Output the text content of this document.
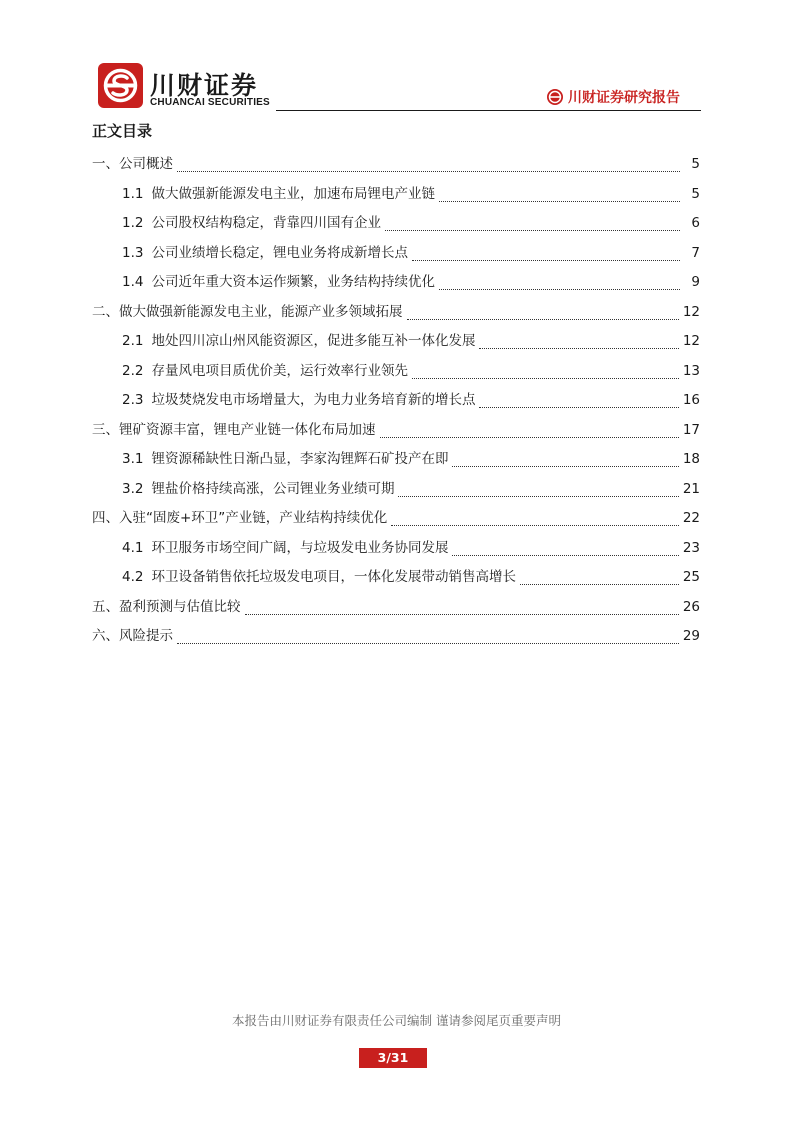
川财证券
CHUANCAI SECURITIES	川财证券研究报告
正文目录
一、公司概述	5
1.1 做大做强新能源发电主业，加速布局锂电产业链	5
1.2 公司股权结构稳定，背靠四川国有企业	6
1.3 公司业绩增长稳定，锂电业务将成新增长点	7
1.4 公司近年重大资本运作频繁，业务结构持续优化	9
二、做大做强新能源发电主业，能源产业多领域拓展	12
2.1 地处四川凉山州风能资源区，促进多能互补一体化发展	12
2.2 存量风电项目质优价美，运行效率行业领先	13
2.3 垃圾焚烧发电市场增量大，为电力业务培育新的增长点	16
三、锂矿资源丰富，锂电产业链一体化布局加速	17
3.1 锂资源稀缺性日渐凸显，李家沟锂辉石矿投产在即	18
3.2 锂盐价格持续高涨，公司锂业务业绩可期	21
四、入驻“固废+环卫”产业链，产业结构持续优化	22
4.1 环卫服务市场空间广阔，与垃圾发电业务协同发展	23
4.2 环卫设备销售依托垃圾发电项目，一体化发展带动销售高增长	25
五、盈利预测与估值比较	26
六、风险提示	29
本报告由川财证券有限责任公司编制 谨请参阅尾页重要声明
3/31
